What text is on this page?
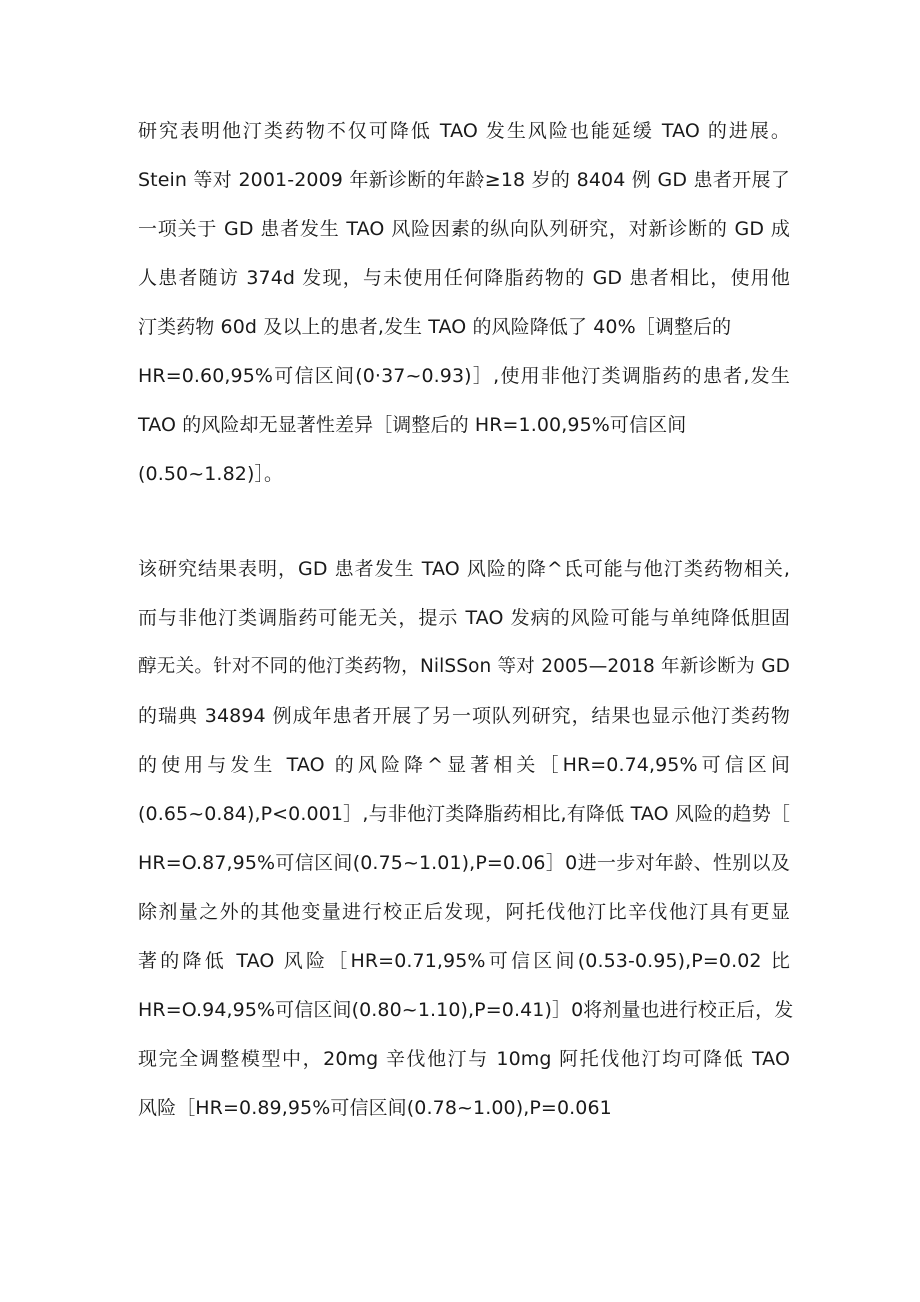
研究表明他汀类药物不仅可降低 TAO 发生风险也能延缓 TAO 的进展。
Stein 等对 2001-2009 年新诊断的年龄≥18 岁的 8404 例 GD 患者开展了
一项关于 GD 患者发生 TAO 风险因素的纵向队列研究，对新诊断的 GD 成
人患者随访 374d 发现，与未使用任何降脂药物的 GD 患者相比，使用他
汀类药物 60d 及以上的患者,发生 TAO 的风险降低了 40%［调整后的
HR=0.60,95%可信区间(0·37~0.93)］,使用非他汀类调脂药的患者,发生
TAO 的风险却无显著性差异［调整后的 HR=1.00,95%可信区间
(0.50~1.82)］。
该研究结果表明，GD 患者发生 TAO 风险的降^氐可能与他汀类药物相关,
而与非他汀类调脂药可能无关，提示 TAO 发病的风险可能与单纯降低胆固
醇无关。针对不同的他汀类药物，NilSSon 等对 2005—2018 年新诊断为 GD
的瑞典 34894 例成年患者开展了另一项队列研究，结果也显示他汀类药物
的使用与发生 TAO 的风险降^显著相关［HR=0.74,95%可信区间
(0.65~0.84),P<0.001］,与非他汀类降脂药相比,有降低 TAO 风险的趋势［
HR=O.87,95%可信区间(0.75~1.01),P=0.06］0进一步对年龄、性别以及
除剂量之外的其他变量进行校正后发现，阿托伐他汀比辛伐他汀具有更显
著的降低 TAO 风险［HR=0.71,95%可信区间(0.53-0.95),P=0.02 比
HR=O.94,95%可信区间(0.80~1.10),P=0.41)］0将剂量也进行校正后，发
现完全调整模型中，20mg 辛伐他汀与 10mg 阿托伐他汀均可降低 TAO
风险［HR=0.89,95%可信区间(0.78~1.00),P=0.061
